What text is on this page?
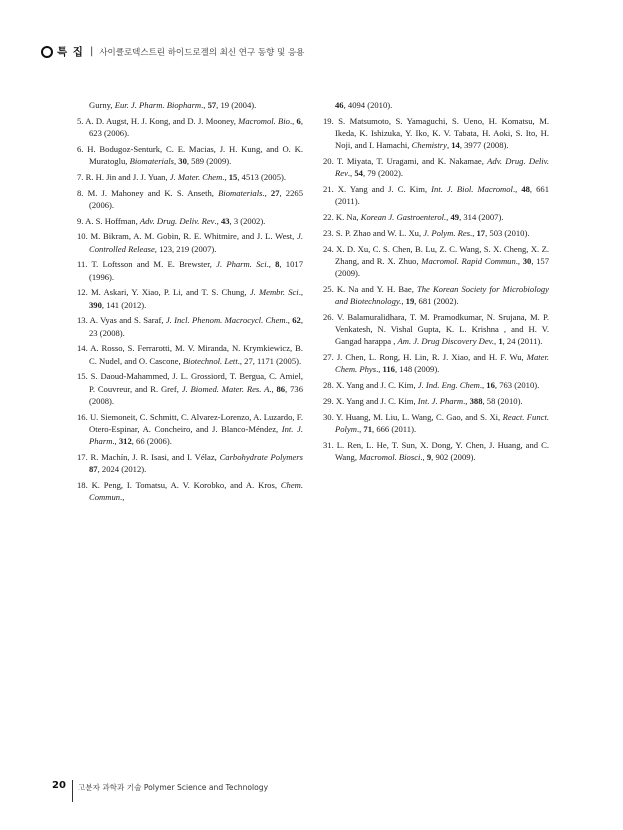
특 집 | 사이클로덱스트린 하이드로겔의 최신 연구 동향 및 응용
Gurny, Eur. J. Pharm. Biopharm., 57, 19 (2004).
5. A. D. Augst, H. J. Kong, and D. J. Mooney, Macromol. Bio., 6, 623 (2006).
6. H. Bodugoz-Senturk, C. E. Macias, J. H. Kung, and O. K. Muratoglu, Biomaterials, 30, 589 (2009).
7. R. H. Jin and J. J. Yuan, J. Mater. Chem., 15, 4513 (2005).
8. M. J. Mahoney and K. S. Anseth, Biomaterials., 27, 2265 (2006).
9. A. S. Hoffman, Adv. Drug. Deliv. Rev., 43, 3 (2002).
10. M. Bikram, A. M. Gobin, R. E. Whitmire, and J. L. West, J. Controlled Release, 123, 219 (2007).
11. T. Loftsson and M. E. Brewster, J. Pharm. Sci., 8, 1017 (1996).
12. M. Askari, Y. Xiao, P. Li, and T. S. Chung, J. Membr. Sci., 390, 141 (2012).
13. A. Vyas and S. Saraf, J. Incl. Phenom. Macrocycl. Chem., 62, 23 (2008).
14. A. Rosso, S. Ferrarotti, M. V. Miranda, N. Krymkiewicz, B. C. Nudel, and O. Cascone, Biotechnol. Lett., 27, 1171 (2005).
15. S. Daoud-Mahammed, J. L. Grossiord, T. Bergua, C. Amiel, P. Couvreur, and R. Gref, J. Biomed. Mater. Res. A., 86, 736 (2008).
16. U. Siemoneit, C. Schmitt, C. Alvarez-Lorenzo, A. Luzardo, F. Otero-Espinar, A. Concheiro, and J. Blanco-Méndez, Int. J. Pharm., 312, 66 (2006).
17. R. Machín, J. R. Isasi, and I. Vélaz, Carbohydrate Polymers 87, 2024 (2012).
18. K. Peng, I. Tomatsu, A. V. Korobko, and A. Kros, Chem. Commun.,
46, 4094 (2010).
19. S. Matsumoto, S. Yamaguchi, S. Ueno, H. Komatsu, M. Ikeda, K. Ishizuka, Y. Iko, K. V. Tabata, H. Aoki, S. Ito, H. Noji, and I. Hamachi, Chemistry, 14, 3977 (2008).
20. T. Miyata, T. Uragami, and K. Nakamae, Adv. Drug. Deliv. Rev., 54, 79 (2002).
21. X. Yang and J. C. Kim, Int. J. Biol. Macromol., 48, 661 (2011).
22. K. Na, Korean J. Gastroenterol., 49, 314 (2007).
23. S. P. Zhao and W. L. Xu, J. Polym. Res., 17, 503 (2010).
24. X. D. Xu, C. S. Chen, B. Lu, Z. C. Wang, S. X. Cheng, X. Z. Zhang, and R. X. Zhuo, Macromol. Rapid Commun., 30, 157 (2009).
25. K. Na and Y. H. Bae, The Korean Society for Microbiology and Biotechnology., 19, 681 (2002).
26. V. Balamuralidhara, T. M. Pramodkumar, N. Srujana, M. P. Venkatesh, N. Vishal Gupta, K. L. Krishna , and H. V. Gangad harappa , Am. J. Drug Discovery Dev., 1, 24 (2011).
27. J. Chen, L. Rong, H. Lin, R. J. Xiao, and H. F. Wu, Mater. Chem. Phys., 116, 148 (2009).
28. X. Yang and J. C. Kim, J. Ind. Eng. Chem., 16, 763 (2010).
29. X. Yang and J. C. Kim, Int. J. Pharm., 388, 58 (2010).
30. Y. Huang, M. Liu, L. Wang, C. Gao, and S. Xi, React. Funct. Polym., 71, 666 (2011).
31. L. Ren, L. He, T. Sun, X. Dong, Y. Chen, J. Huang, and C. Wang, Macromol. Biosci., 9, 902 (2009).
20 고분자 과학과 기술 Polymer Science and Technology
